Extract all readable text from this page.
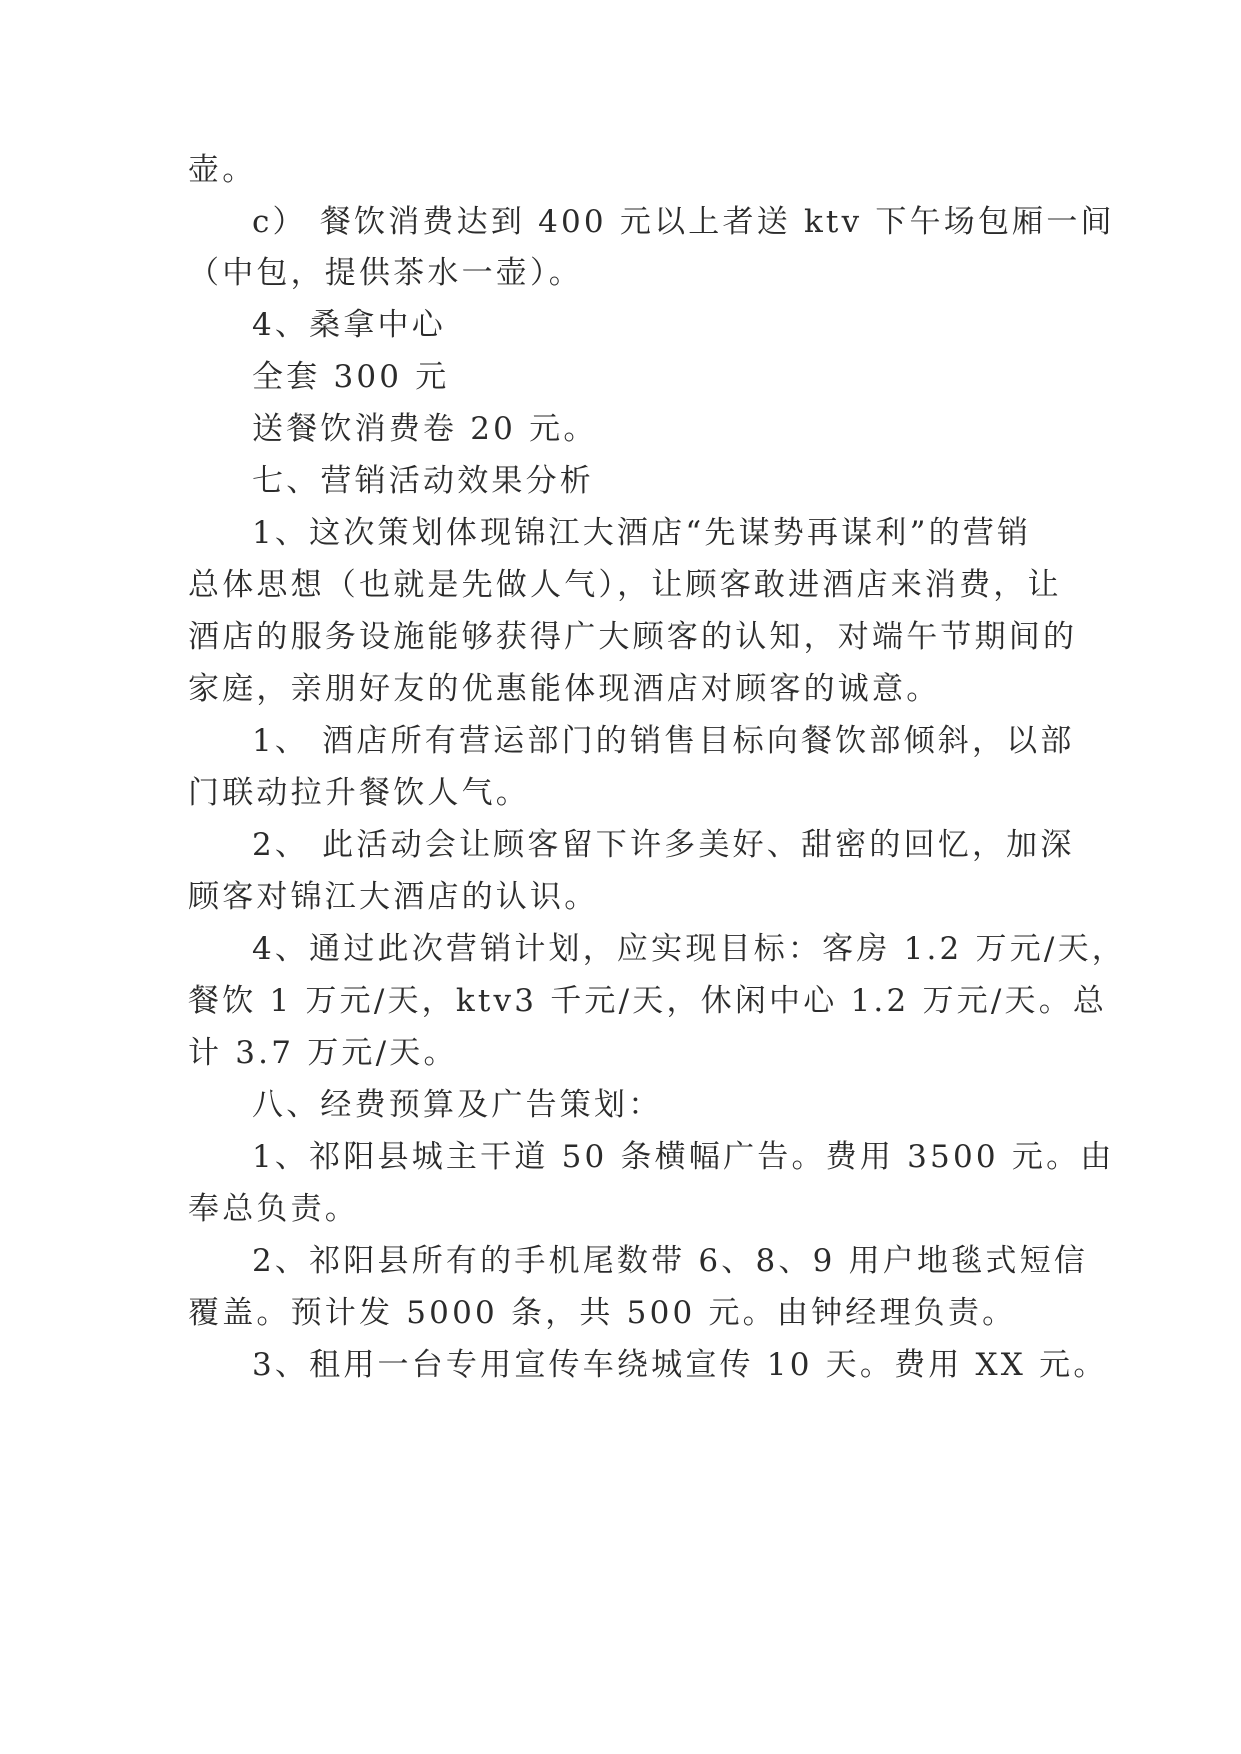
壶。
c） 餐饮消费达到 400 元以上者送 ktv 下午场包厢一间
（中包，提供茶水一壶）。
4、桑拿中心
全套 300 元
送餐饮消费卷 20 元。
七、营销活动效果分析
1、这次策划体现锦江大酒店“先谋势再谋利”的营销
总体思想（也就是先做人气），让顾客敢进酒店来消费，让
酒店的服务设施能够获得广大顾客的认知，对端午节期间的
家庭，亲朋好友的优惠能体现酒店对顾客的诚意。
1、 酒店所有营运部门的销售目标向餐饮部倾斜，以部
门联动拉升餐饮人气。
2、 此活动会让顾客留下许多美好、甜密的回忆，加深
顾客对锦江大酒店的认识。
4、通过此次营销计划，应实现目标：客房 1.2 万元/天，
餐饮 1 万元/天，ktv3 千元/天，休闲中心 1.2 万元/天。总
计 3.7 万元/天。
八、经费预算及广告策划：
1、祁阳县城主干道 50 条横幅广告。费用 3500 元。由
奉总负责。
2、祁阳县所有的手机尾数带 6、8、9 用户地毯式短信
覆盖。预计发 5000 条，共 500 元。由钟经理负责。
3、租用一台专用宣传车绕城宣传 10 天。费用 XX 元。
